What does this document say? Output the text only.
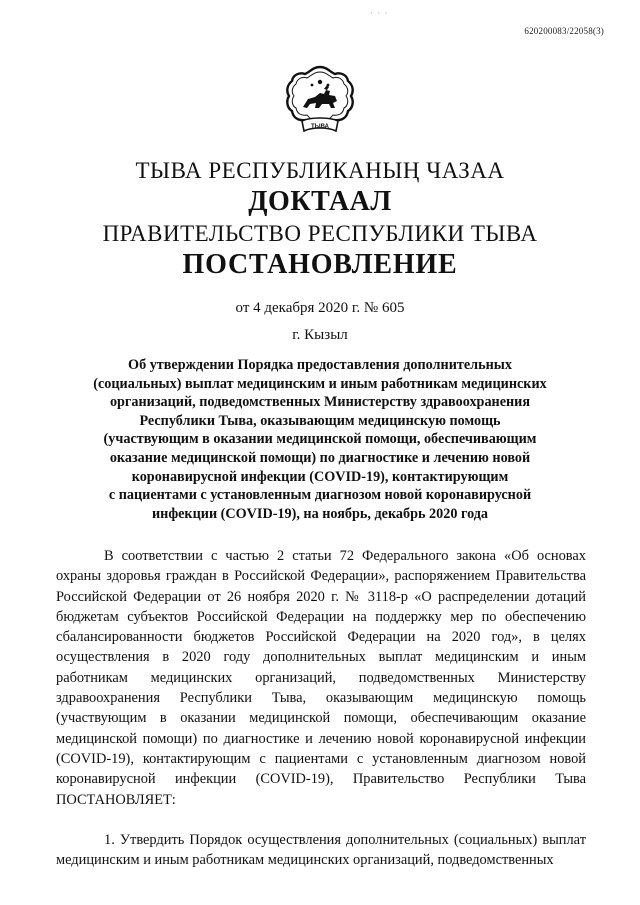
· · ·
620200083/22058(3)
ТЫВА
ТЫВА РЕСПУБЛИКАНЫҢ ЧАЗАА
ДОКТААЛ
ПРАВИТЕЛЬСТВО РЕСПУБЛИКИ ТЫВА
ПОСТАНОВЛЕНИЕ
от 4 декабря 2020 г. № 605
г. Кызыл
Об утверждении Порядка предоставления дополнительных
(социальных) выплат медицинским и иным работникам медицинских
организаций, подведомственных Министерству здравоохранения
Республики Тыва, оказывающим медицинскую помощь
(участвующим в оказании медицинской помощи, обеспечивающим
оказание медицинской помощи) по диагностике и лечению новой
коронавирусной инфекции (COVID-19), контактирующим
с пациентами с установленным диагнозом новой коронавирусной
инфекции (COVID-19), на ноябрь, декабрь 2020 года

В соответствии с частью 2 статьи 72 Федерального закона «Об основах охраны здоровья граждан в Российской Федерации», распоряжением Правительства Российской Федерации от 26 ноября 2020 г. № 3118-р «О распределении дотаций бюджетам субъектов Российской Федерации на поддержку мер по обеспечению сбалансированности бюджетов Российской Федерации на 2020 год», в целях осуществления в 2020 году дополнительных выплат медицинским и иным работникам медицинских организаций, подведомственных Министерству здравоохранения Республики Тыва, оказывающим медицинскую помощь (участвующим в оказании медицинской помощи, обеспечивающим оказание медицинской помощи) по диагностике и лечению новой коронавирусной инфекции (COVID-19), контактирующим с пациентами с установленным диагнозом новой коронавирусной инфекции (COVID-19), Правительство Республики Тыва ПОСТАНОВЛЯЕТ:

1. Утвердить Порядок осуществления дополнительных (социальных) выплат медицинским и иным работникам медицинских организаций, подведомственных
